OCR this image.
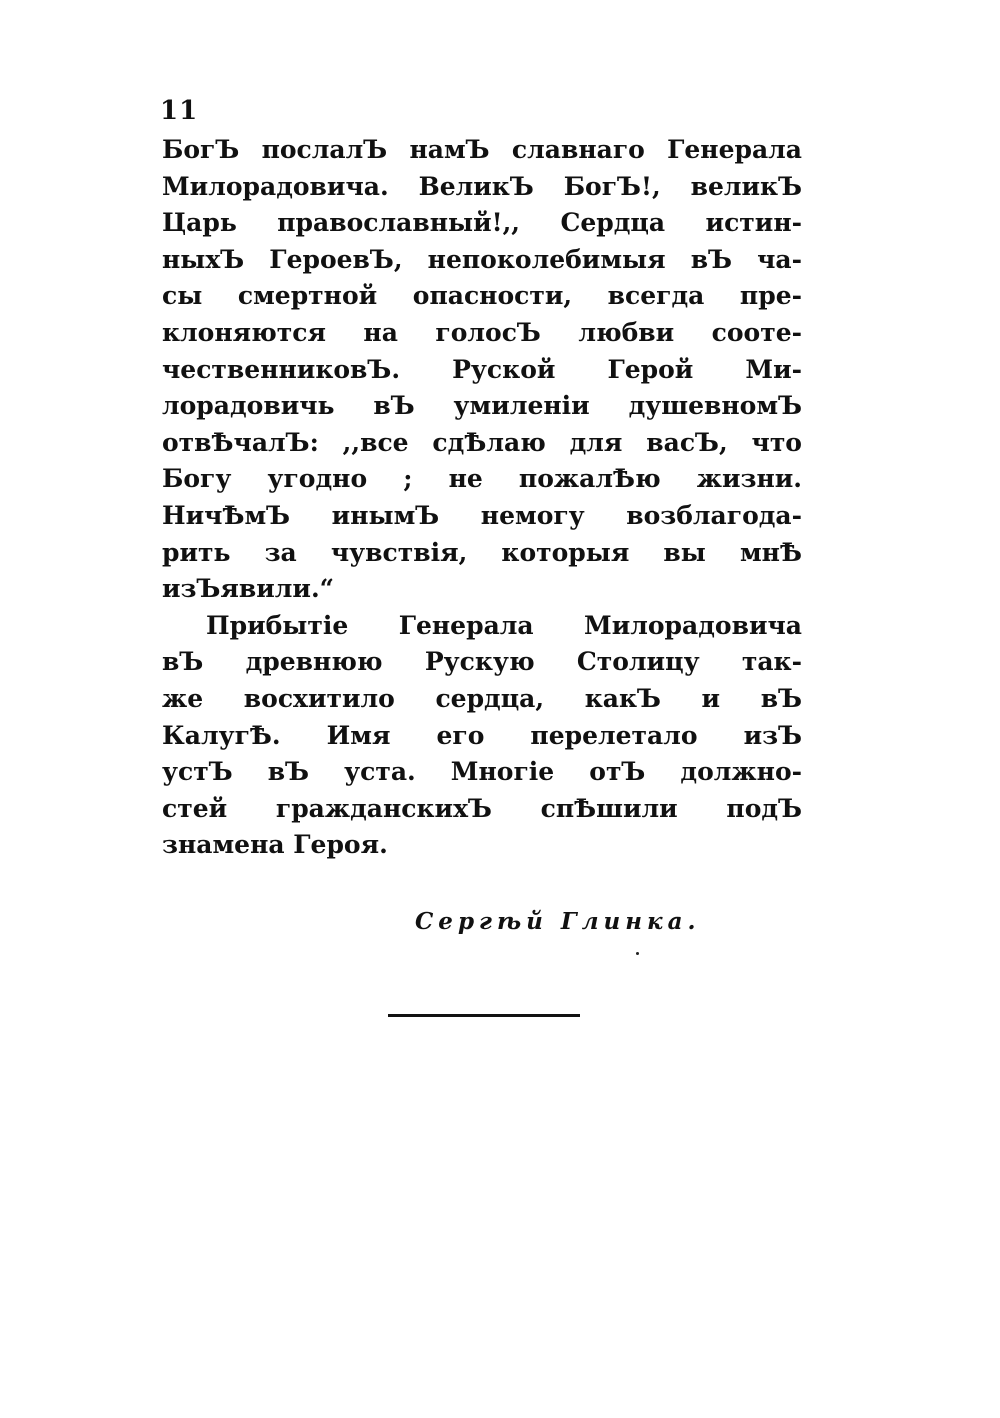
11
БогЪ послалЪ намЪ славнаго Генерала
Милорадовича. ВеликЪ БогЪ!, великЪ
Царь православный!,, Сердца истин-
ныхЪ ГероевЪ, непоколебимыя вЪ ча-
сы смертной опасности, всегда пре-
клоняются на голосЪ любви соотe-
чественниковЪ. Руской Герой Ми-
лорадовичь вЪ умиленіи душевномЪ
отвѢчалЪ: ,,все сдѢлаю для васЪ, что
Богу угодно ; не пожалѢю жизни.
НичѢмЪ инымЪ немогу возблагода-
рить за чувствія, которыя вы мнѢ
изЪявили.“
Прибытіе Генерала Милорадовича
вЪ древнюю Рускую Столицу так-
же восхитило сердца, какЪ и вЪ
КалугѢ. Имя его перелетало изЪ
устЪ вЪ уста. Многіе отЪ должно-
стей гражданскихЪ спѢшили подЪ
знамена Героя.
Сергѣй Глинка.
